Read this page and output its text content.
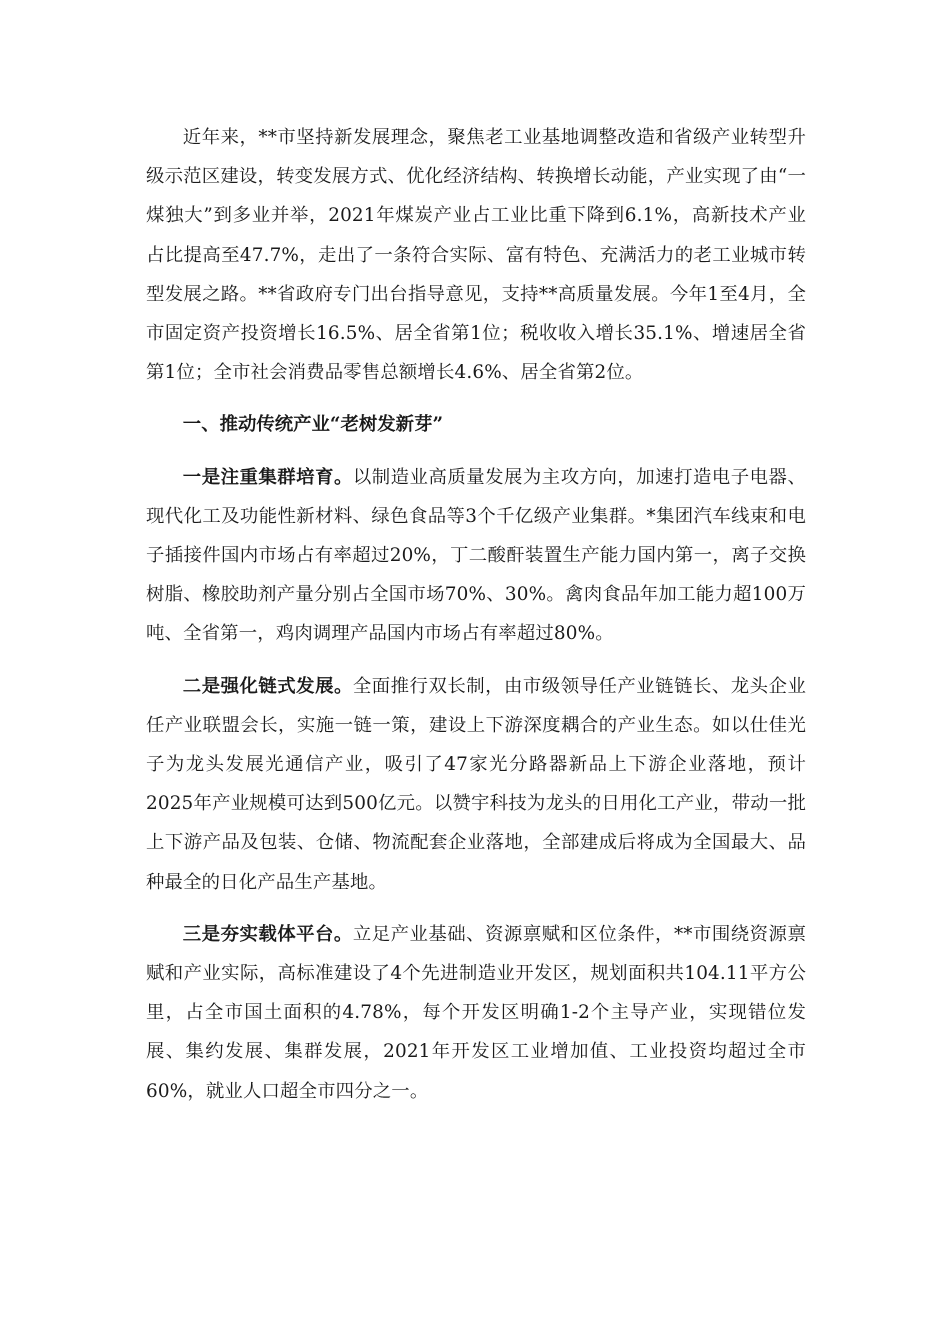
近年来，**市坚持新发展理念，聚焦老工业基地调整改造和省级产业转型升级示范区建设，转变发展方式、优化经济结构、转换增长动能，产业实现了由“一煤独大”到多业并举，2021年煤炭产业占工业比重下降到6.1%，高新技术产业占比提高至47.7%，走出了一条符合实际、富有特色、充满活力的老工业城市转型发展之路。**省政府专门出台指导意见，支持**高质量发展。今年1至4月，全市固定资产投资增长16.5%、居全省第1位；税收收入增长35.1%、增速居全省第1位；全市社会消费品零售总额增长4.6%、居全省第2位。

一、推动传统产业“老树发新芽”

一是注重集群培育。以制造业高质量发展为主攻方向，加速打造电子电器、现代化工及功能性新材料、绿色食品等3个千亿级产业集群。*集团汽车线束和电子插接件国内市场占有率超过20%，丁二酸酐装置生产能力国内第一，离子交换树脂、橡胶助剂产量分别占全国市场70%、30%。禽肉食品年加工能力超100万吨、全省第一，鸡肉调理产品国内市场占有率超过80%。

二是强化链式发展。全面推行双长制，由市级领导任产业链链长、龙头企业任产业联盟会长，实施一链一策，建设上下游深度耦合的产业生态。如以仕佳光子为龙头发展光通信产业，吸引了47家光分路器新品上下游企业落地，预计2025年产业规模可达到500亿元。以赞宇科技为龙头的日用化工产业，带动一批上下游产品及包装、仓储、物流配套企业落地，全部建成后将成为全国最大、品种最全的日化产品生产基地。

三是夯实载体平台。立足产业基础、资源禀赋和区位条件，**市围绕资源禀赋和产业实际，高标准建设了4个先进制造业开发区，规划面积共104.11平方公里，占全市国土面积的4.78%，每个开发区明确1-2个主导产业，实现错位发展、集约发展、集群发展，2021年开发区工业增加值、工业投资均超过全市60%，就业人口超全市四分之一。
